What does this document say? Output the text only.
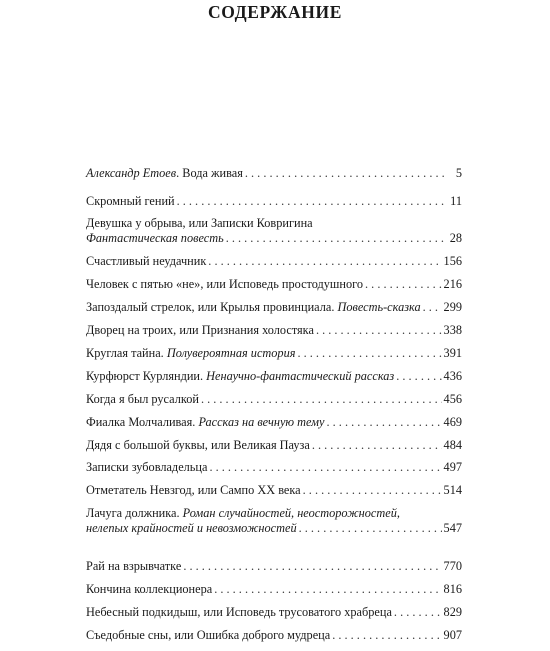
СОДЕРЖАНИЕ
Александр Етоев. Вода живая . . .	5
Скромный гений . . .	11
Девушка у обрыва, или Записки Ковригина
Фантастическая повесть . . .	28
Счастливый неудачник . . .	156
Человек с пятью «не», или Исповедь простодушного . . .	216
Запоздалый стрелок, или Крылья провинциала. Повесть-сказка . . . 299
Дворец на троих, или Признания холостяка . . .	338
Круглая тайна. Полувероятная история . . .	391
Курфюрст Курляндии. Ненаучно-фантастический рассказ . . .	436
Когда я был русалкой . . .	456
Фиалка Молчаливая. Рассказ на вечную тему . . .	469
Дядя с большой буквы, или Великая Пауза . . .	484
Записки зубовладельца . . .	497
Отметатель Невзгод, или Сампо XX века . . .	514
Лачуга должника. Роман случайностей, неосторожностей,
нелепых крайностей и невозможностей . . .	547
Рай на взрывчатке . . .	770
Кончина коллекционера . . .	816
Небесный подкидыш, или Исповедь трусоватого храбреца . . .	829
Съедобные сны, или Ошибка доброго мудреца . . .	907
